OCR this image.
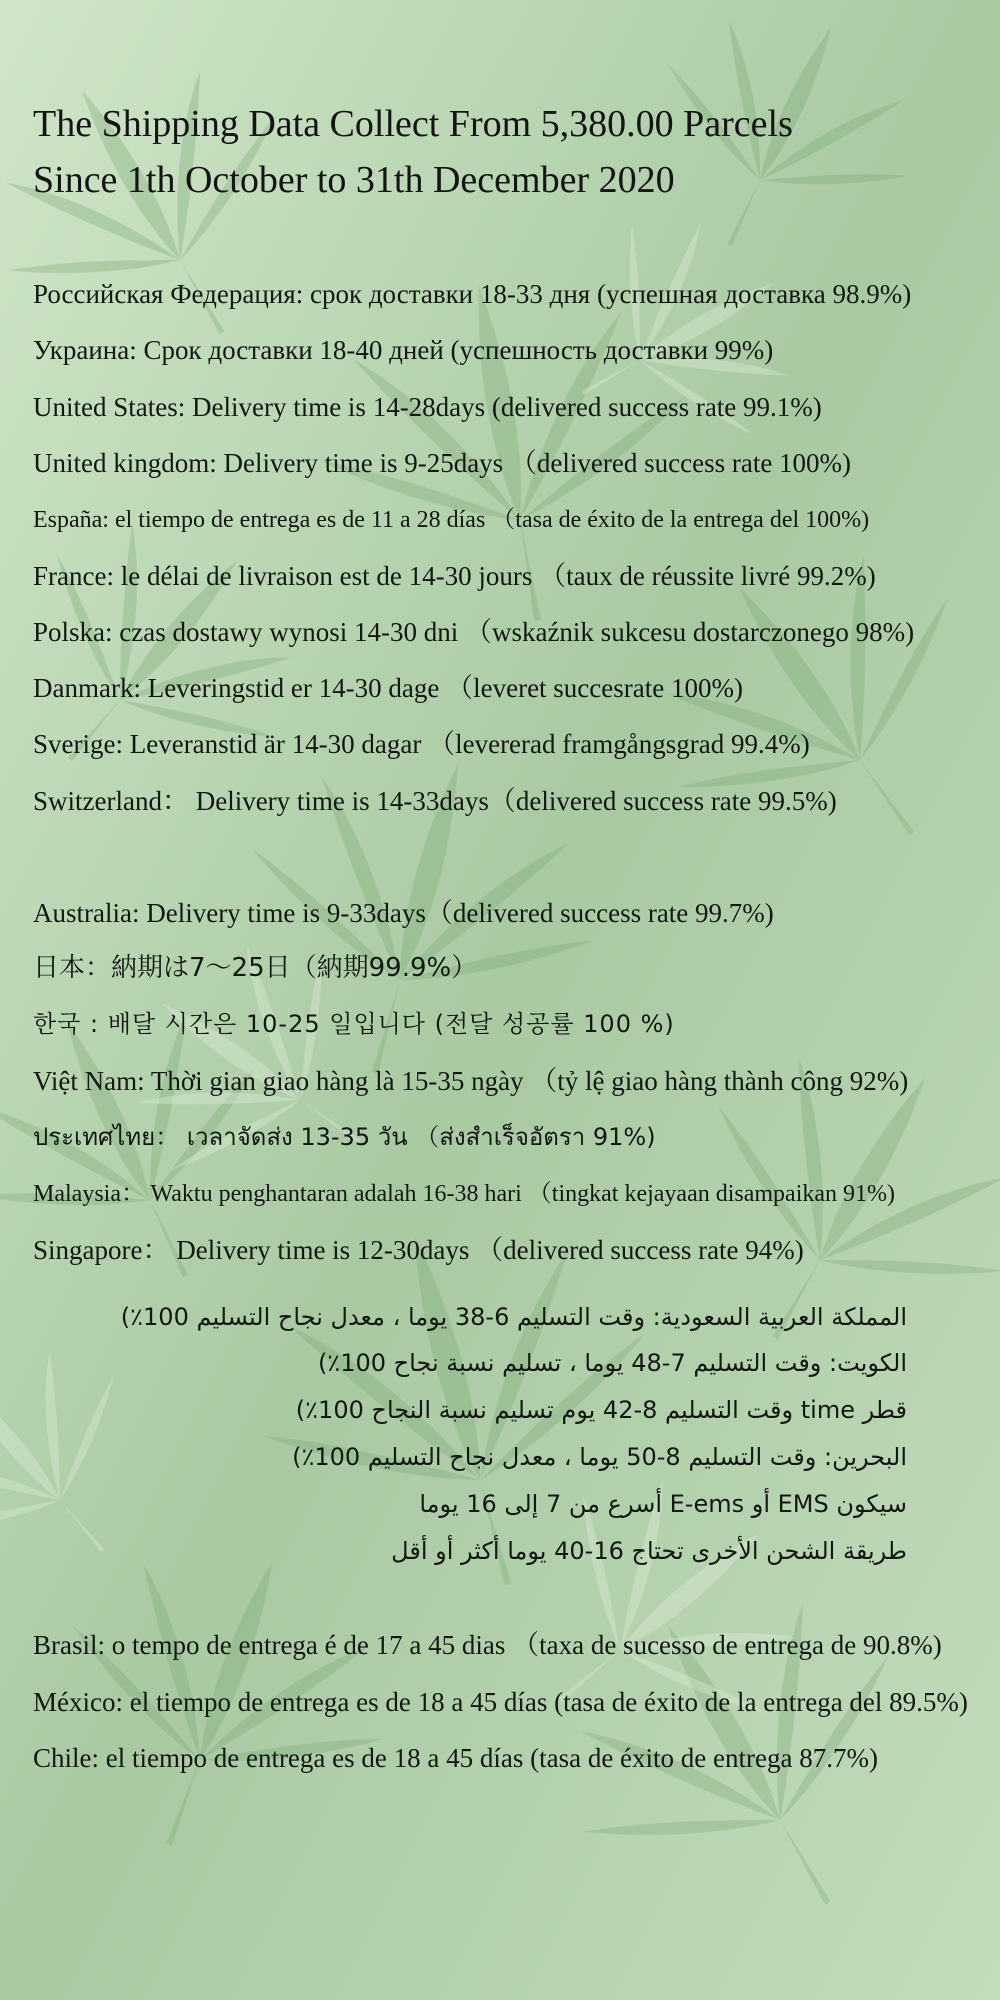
The Shipping Data Collect From 5,380.00 Parcels
Since 1th October to 31th December 2020
Российская Федерация: срок доставки 18-33 дня (успешная доставка 98.9%)
Украина: Срок доставки 18-40 дней (успешность доставки 99%)
United States: Delivery time is 14-28days (delivered success rate 99.1%)
United kingdom: Delivery time is 9-25days （delivered success rate 100%)
España: el tiempo de entrega es de 11 a 28 días （tasa de éxito de la entrega del 100%)
France: le délai de livraison est de 14-30 jours （taux de réussite livré 99.2%)
Polska: czas dostawy wynosi 14-30 dni （wskaźnik sukcesu dostarczonego 98%)
Danmark: Leveringstid er 14-30 dage （leveret succesrate 100%)
Sverige: Leveranstid är 14-30 dagar （levererad framgångsgrad 99.4%)
Switzerland： Delivery time is 14-33days（delivered success rate 99.5%)
Australia: Delivery time is 9-33days（delivered success rate 99.7%)
日本：納期は7〜25日（納期99.9%）
한국 : 배달 시간은 10-25 일입니다 (전달 성공률 100 %)
Việt Nam: Thời gian giao hàng là 15-35 ngày （tỷ lệ giao hàng thành công 92%)
ประเทศไทย： เวลาจัดส่ง 13-35 วัน （ส่งสำเร็จอัตรา 91%)
Malaysia： Waktu penghantaran adalah 16-38 hari （tingkat kejayaan disampaikan 91%)
Singapore： Delivery time is 12-30days （delivered success rate 94%)
المملكة العربية السعودية: وقت التسليم 6-38 يوما ، معدل نجاح التسليم 100٪)
الكويت: وقت التسليم 7-48 يوما ، تسليم نسبة نجاح 100٪)
قطر time وقت التسليم 8-42 يوم تسليم نسبة النجاح 100٪)
البحرين: وقت التسليم 8-50 يوما ، معدل نجاح التسليم 100٪)
سيكون EMS أو E-ems أسرع من 7 إلى 16 يوما
طريقة الشحن الأخرى تحتاج 16-40 يوما أكثر أو أقل
Brasil: o tempo de entrega é de 17 a 45 dias （taxa de sucesso de entrega de 90.8%)
México: el tiempo de entrega es de 18 a 45 días (tasa de éxito de la entrega del 89.5%)
Chile: el tiempo de entrega es de 18 a 45 días (tasa de éxito de entrega 87.7%)
